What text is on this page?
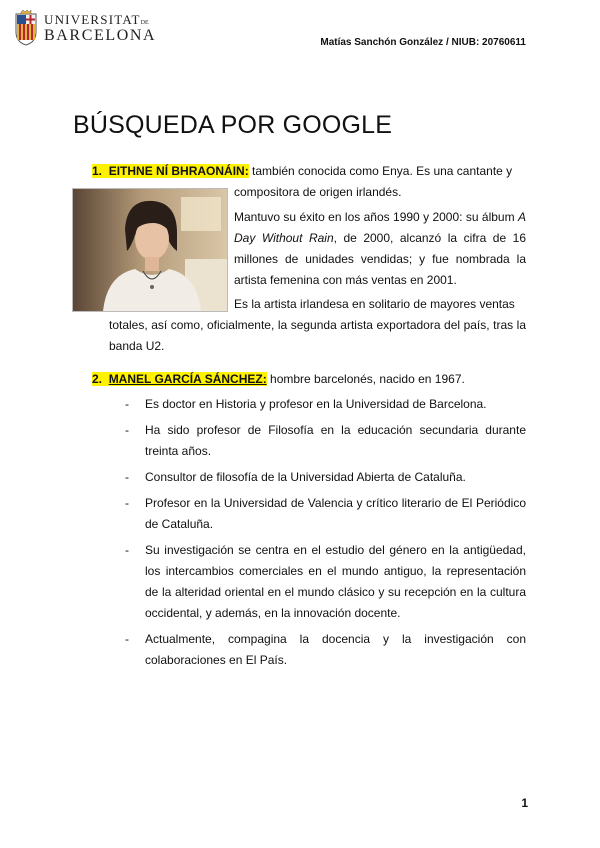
UNIVERSITATDE
BARCELONA	Matías Sanchón González / NIUB: 20760611
BÚSQUEDA POR GOOGLE

1. EITHNE NÍ BHRAONÁIN: también conocida como Enya. Es una cantante y

compositora de origen irlandés.

Mantuvo su éxito en los años 1990 y 2000: su álbum A Day Without Rain, de 2000, alcanzó la cifra de 16 millones de unidades vendidas; y fue nombrada la artista femenina con más ventas en 2001.

Es la artista irlandesa en solitario de mayores ventas

totales, así como, oficialmente, la segunda artista exportadora del país, tras la banda U2.

2. MANEL GARCÍA SÁNCHEZ: hombre barcelonés, nacido en 1967.

- Es doctor en Historia y profesor en la Universidad de Barcelona.
- Ha sido profesor de Filosofía en la educación secundaria durante treinta años.
- Consultor de filosofía de la Universidad Abierta de Cataluña.
- Profesor en la Universidad de Valencia y crítico literario de El Periódico de Cataluña.
- Su investigación se centra en el estudio del género en la antigüedad, los intercambios comerciales en el mundo antiguo, la representación de la alteridad oriental en el mundo clásico y su recepción en la cultura occidental, y además, en la innovación docente.
- Actualmente, compagina la docencia y la investigación con colaboraciones en El País.
1
